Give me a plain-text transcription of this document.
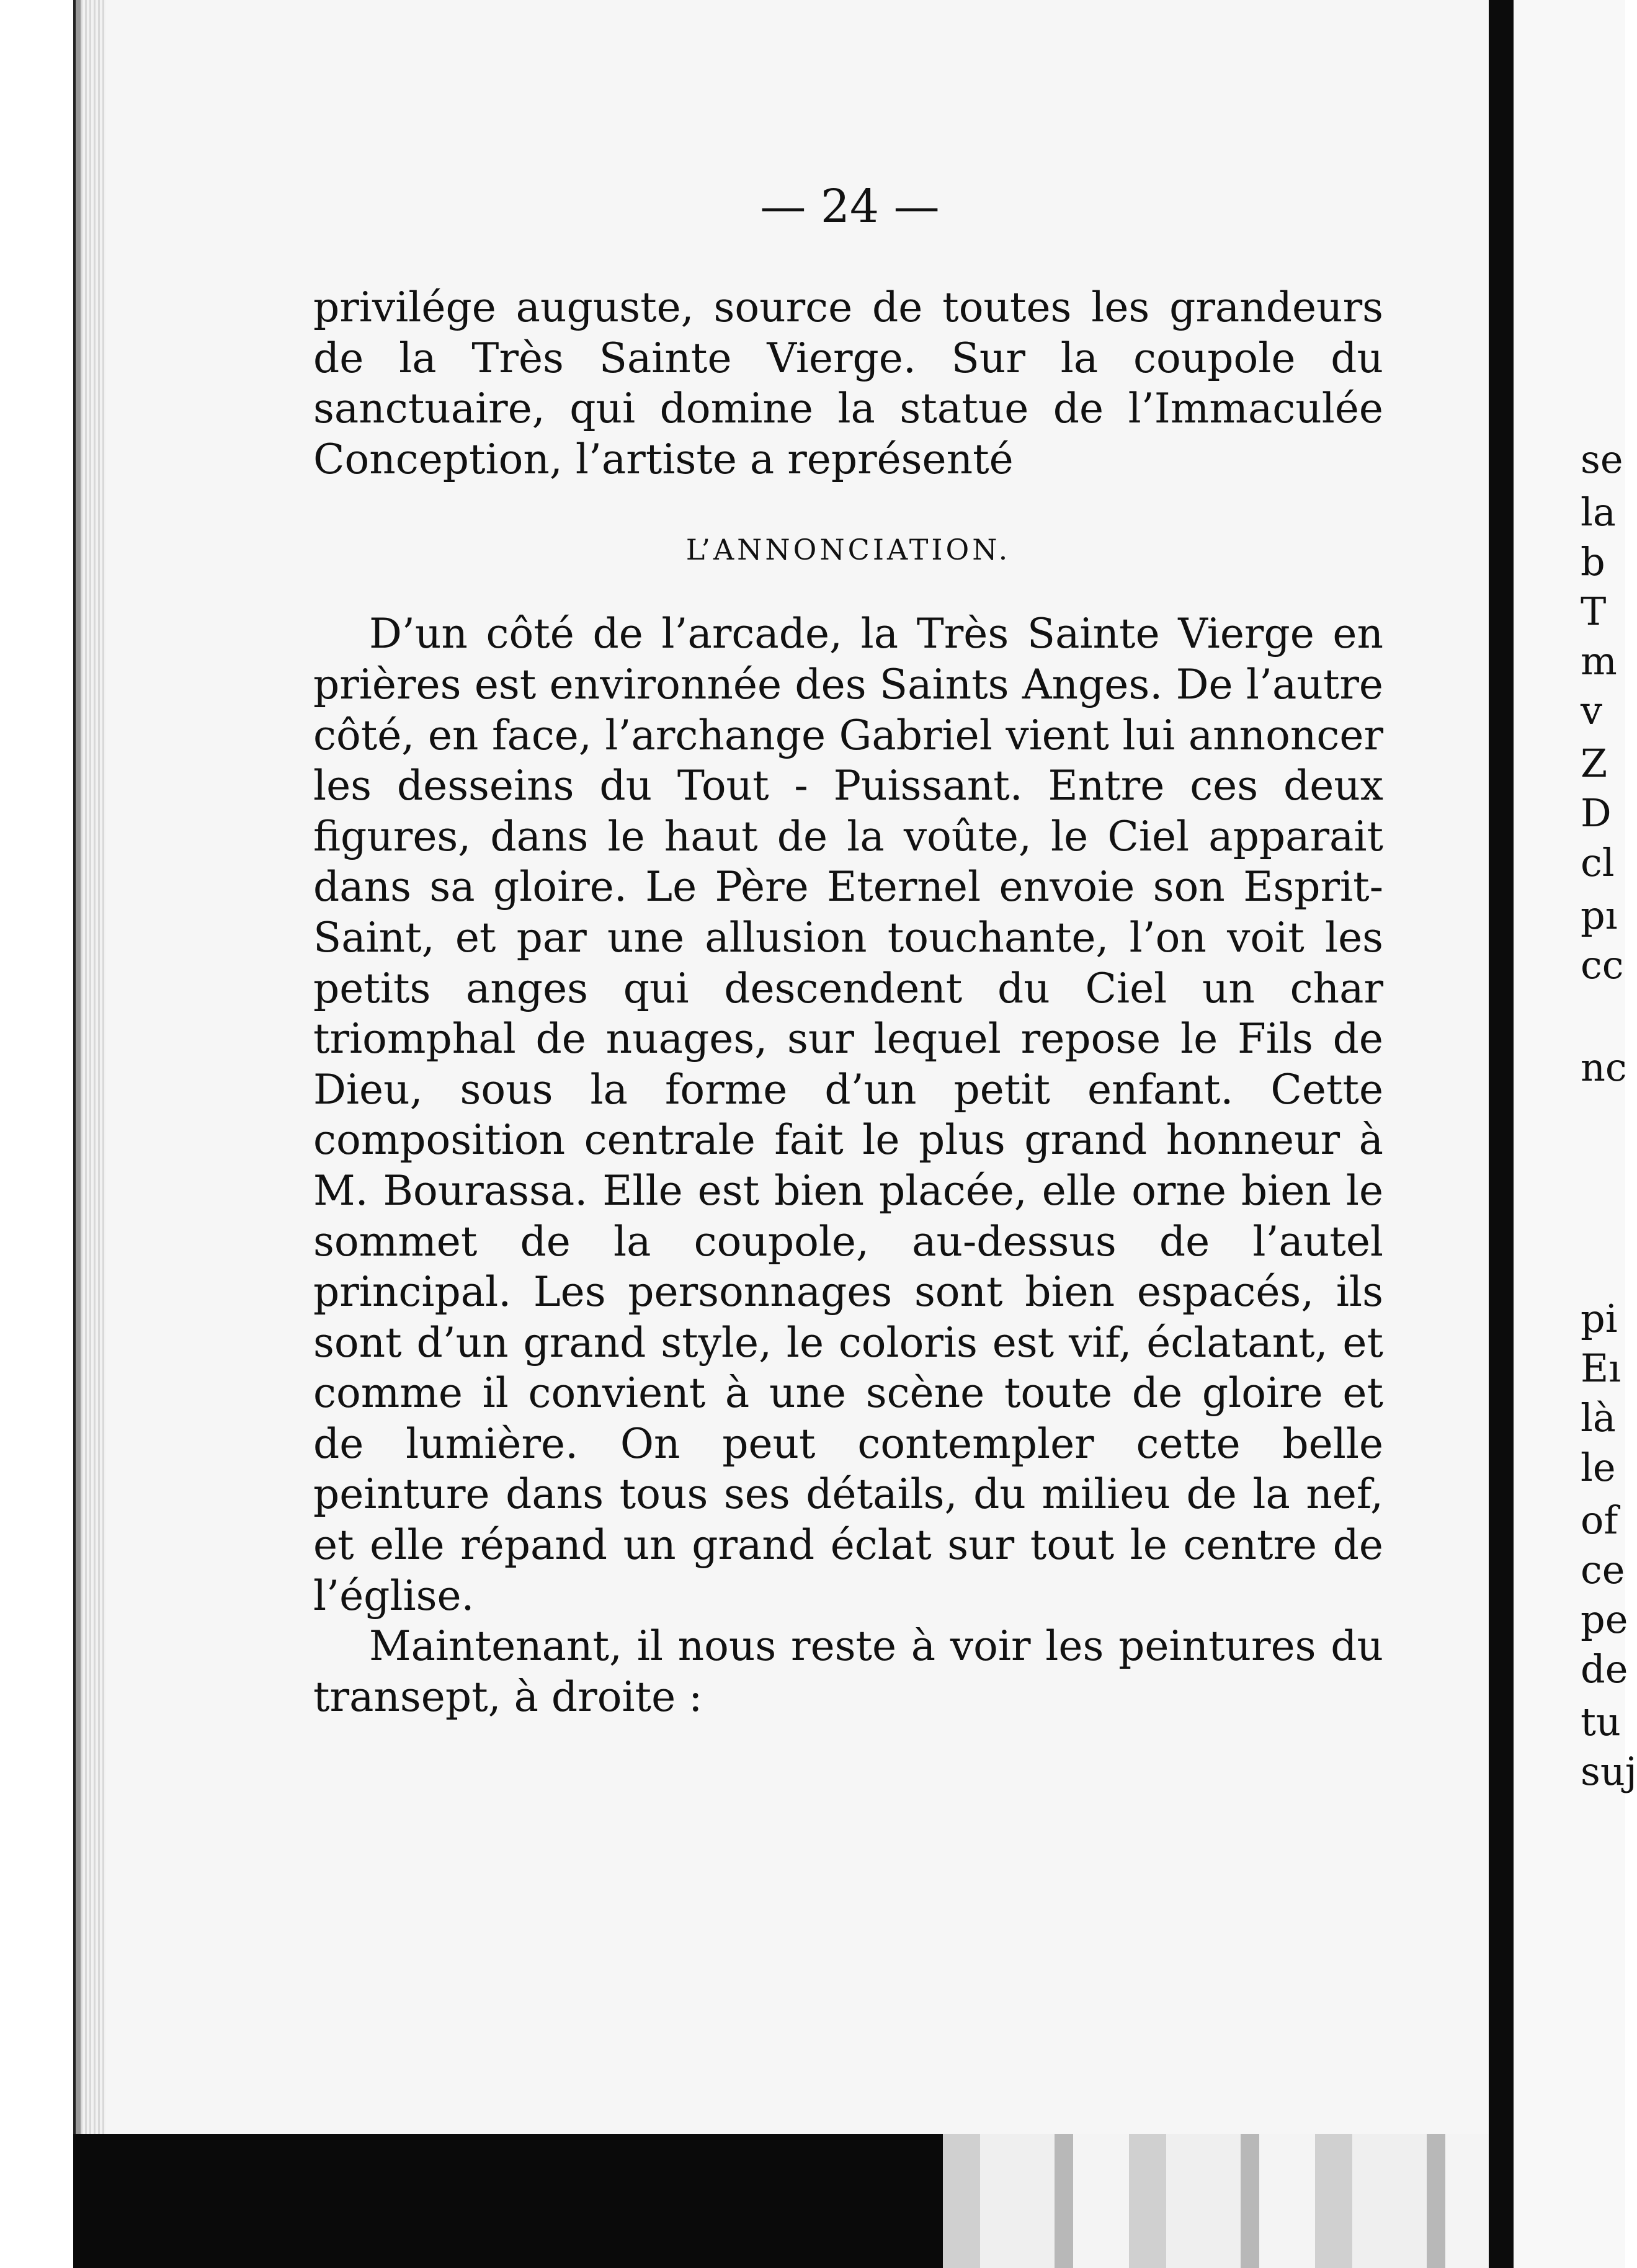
— 24 —

privilége auguste, source de toutes les grandeurs de la Très Sainte Vierge. Sur la coupole du sanctuaire, qui domine la statue de l’Immaculée Conception, l’artiste a représenté

L’ANNONCIATION.

D’un côté de l’arcade, la Très Sainte Vierge en prières est environnée des Saints Anges. De l’autre côté, en face, l’archange Gabriel vient lui annoncer les desseins du Tout - Puissant. Entre ces deux figures, dans le haut de la voûte, le Ciel apparait dans sa gloire. Le Père Eternel envoie son Esprit-Saint, et par une allusion touchante, l’on voit les petits anges qui descendent du Ciel un char triomphal de nuages, sur lequel repose le Fils de Dieu, sous la forme d’un petit enfant. Cette composition centrale fait le plus grand honneur à M. Bourassa. Elle est bien placée, elle orne bien le sommet de la coupole, au-dessus de l’autel principal. Les personnages sont bien espacés, ils sont d’un grand style, le coloris est vif, éclatant, et comme il convient à une scène toute de gloire et de lumière. On peut contempler cette belle peinture dans tous ses détails, du milieu de la nef, et elle répand un grand éclat sur tout le centre de l’église.

Maintenant, il nous reste à voir les peintures du transept, à droite :

se
la
b
T
m
v
Z
D
cl
pı
cc
nc
pi
Eı
là
le
of
ce
pe
de
tu
suj
